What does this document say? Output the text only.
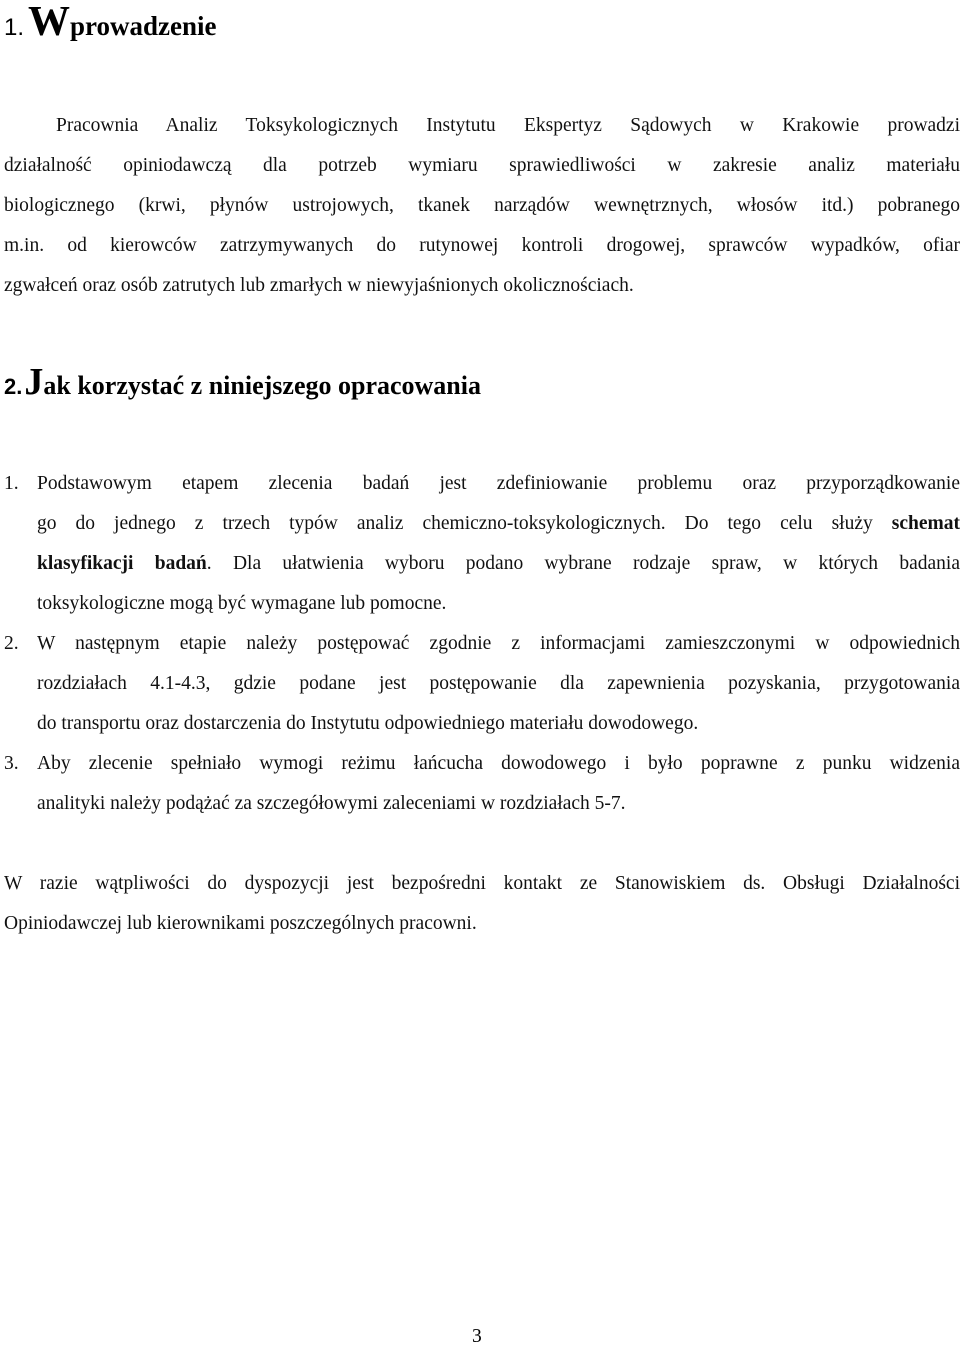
1.Wprowadzenie
Pracownia Analiz Toksykologicznych Instytutu Ekspertyz Sądowych w Krakowie prowadzi
działalność opiniodawczą dla potrzeb wymiaru sprawiedliwości w zakresie analiz materiału
biologicznego (krwi, płynów ustrojowych, tkanek narządów wewnętrznych, włosów itd.) pobranego
m.in. od kierowców zatrzymywanych do rutynowej kontroli drogowej, sprawców wypadków, ofiar
zgwałceń oraz osób zatrutych lub zmarłych w niewyjaśnionych okolicznościach.
2.Jak korzystać z niniejszego opracowania
1. Podstawowym etapem zlecenia badań jest zdefiniowanie problemu oraz przyporządkowanie
go do jednego z trzech typów analiz chemiczno-toksykologicznych. Do tego celu służy schemat
klasyfikacji badań. Dla ułatwienia wyboru podano wybrane rodzaje spraw, w których badania
toksykologiczne mogą być wymagane lub pomocne.
2. W następnym etapie należy postępować zgodnie z informacjami zamieszczonymi w odpowiednich
rozdziałach 4.1-4.3, gdzie podane jest postępowanie dla zapewnienia pozyskania, przygotowania
do transportu oraz dostarczenia do Instytutu odpowiedniego materiału dowodowego.
3. Aby zlecenie spełniało wymogi reżimu łańcucha dowodowego i było poprawne z punku widzenia
analityki należy podążać za szczegółowymi zaleceniami w rozdziałach 5-7.
W razie wątpliwości do dyspozycji jest bezpośredni kontakt ze Stanowiskiem ds. Obsługi Działalności
Opiniodawczej lub kierownikami poszczególnych pracowni.
3
